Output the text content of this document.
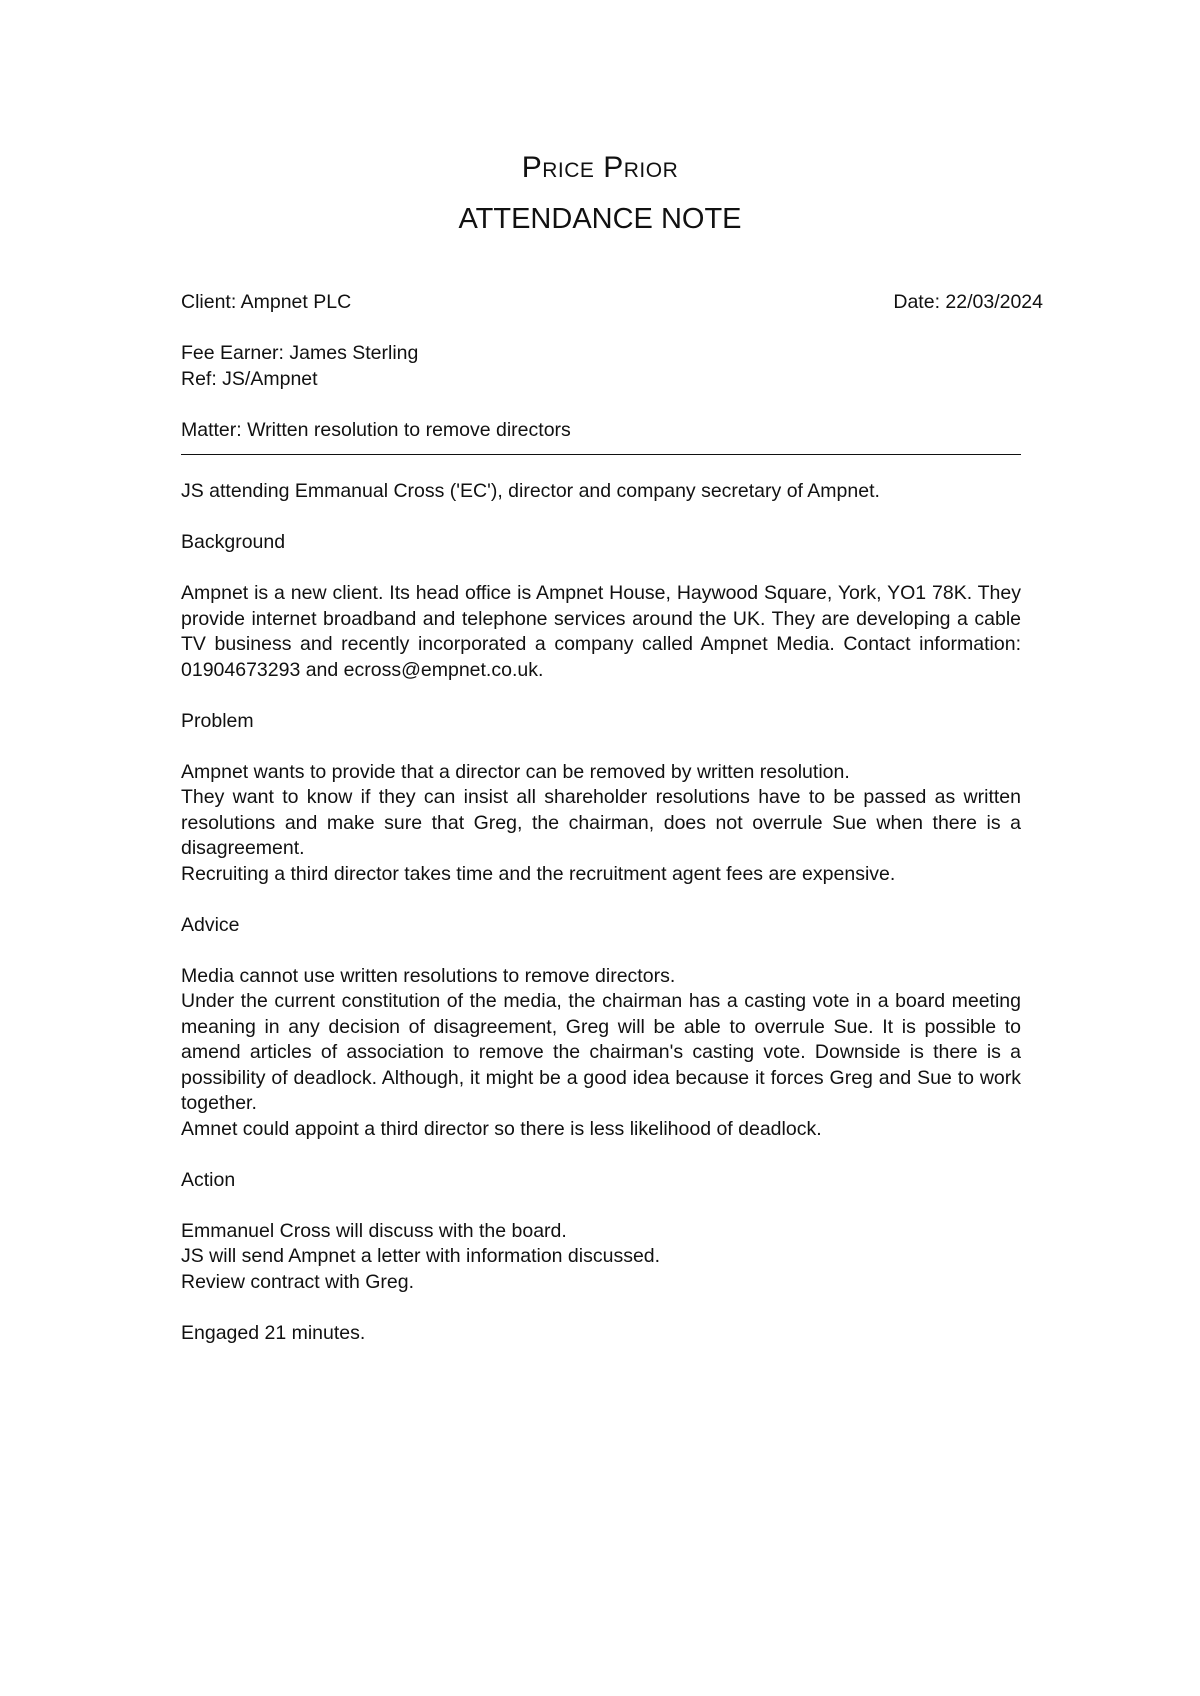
Price Prior
ATTENDANCE NOTE
Client: Ampnet PLC	Date: 22/03/2024

Fee Earner: James Sterling

Ref: JS/Ampnet

Matter: Written resolution to remove directors

JS attending Emmanual Cross ('EC'), director and company secretary of Ampnet.

Background

Ampnet is a new client. Its head office is Ampnet House, Haywood Square, York, YO1 78K. They provide internet broadband and telephone services around the UK. They are developing a cable TV business and recently incorporated a company called Ampnet Media. Contact information: 01904673293 and ecross@empnet.co.uk.

Problem

Ampnet wants to provide that a director can be removed by written resolution.

They want to know if they can insist all shareholder resolutions have to be passed as written resolutions and make sure that Greg, the chairman, does not overrule Sue when there is a disagreement.

Recruiting a third director takes time and the recruitment agent fees are expensive.

Advice

Media cannot use written resolutions to remove directors.

Under the current constitution of the media, the chairman has a casting vote in a board meeting meaning in any decision of disagreement, Greg will be able to overrule Sue. It is possible to amend articles of association to remove the chairman's casting vote. Downside is there is a possibility of deadlock. Although, it might be a good idea because it forces Greg and Sue to work together.

Amnet could appoint a third director so there is less likelihood of deadlock.

Action

Emmanuel Cross will discuss with the board.

JS will send Ampnet a letter with information discussed.

Review contract with Greg.

Engaged 21 minutes.
